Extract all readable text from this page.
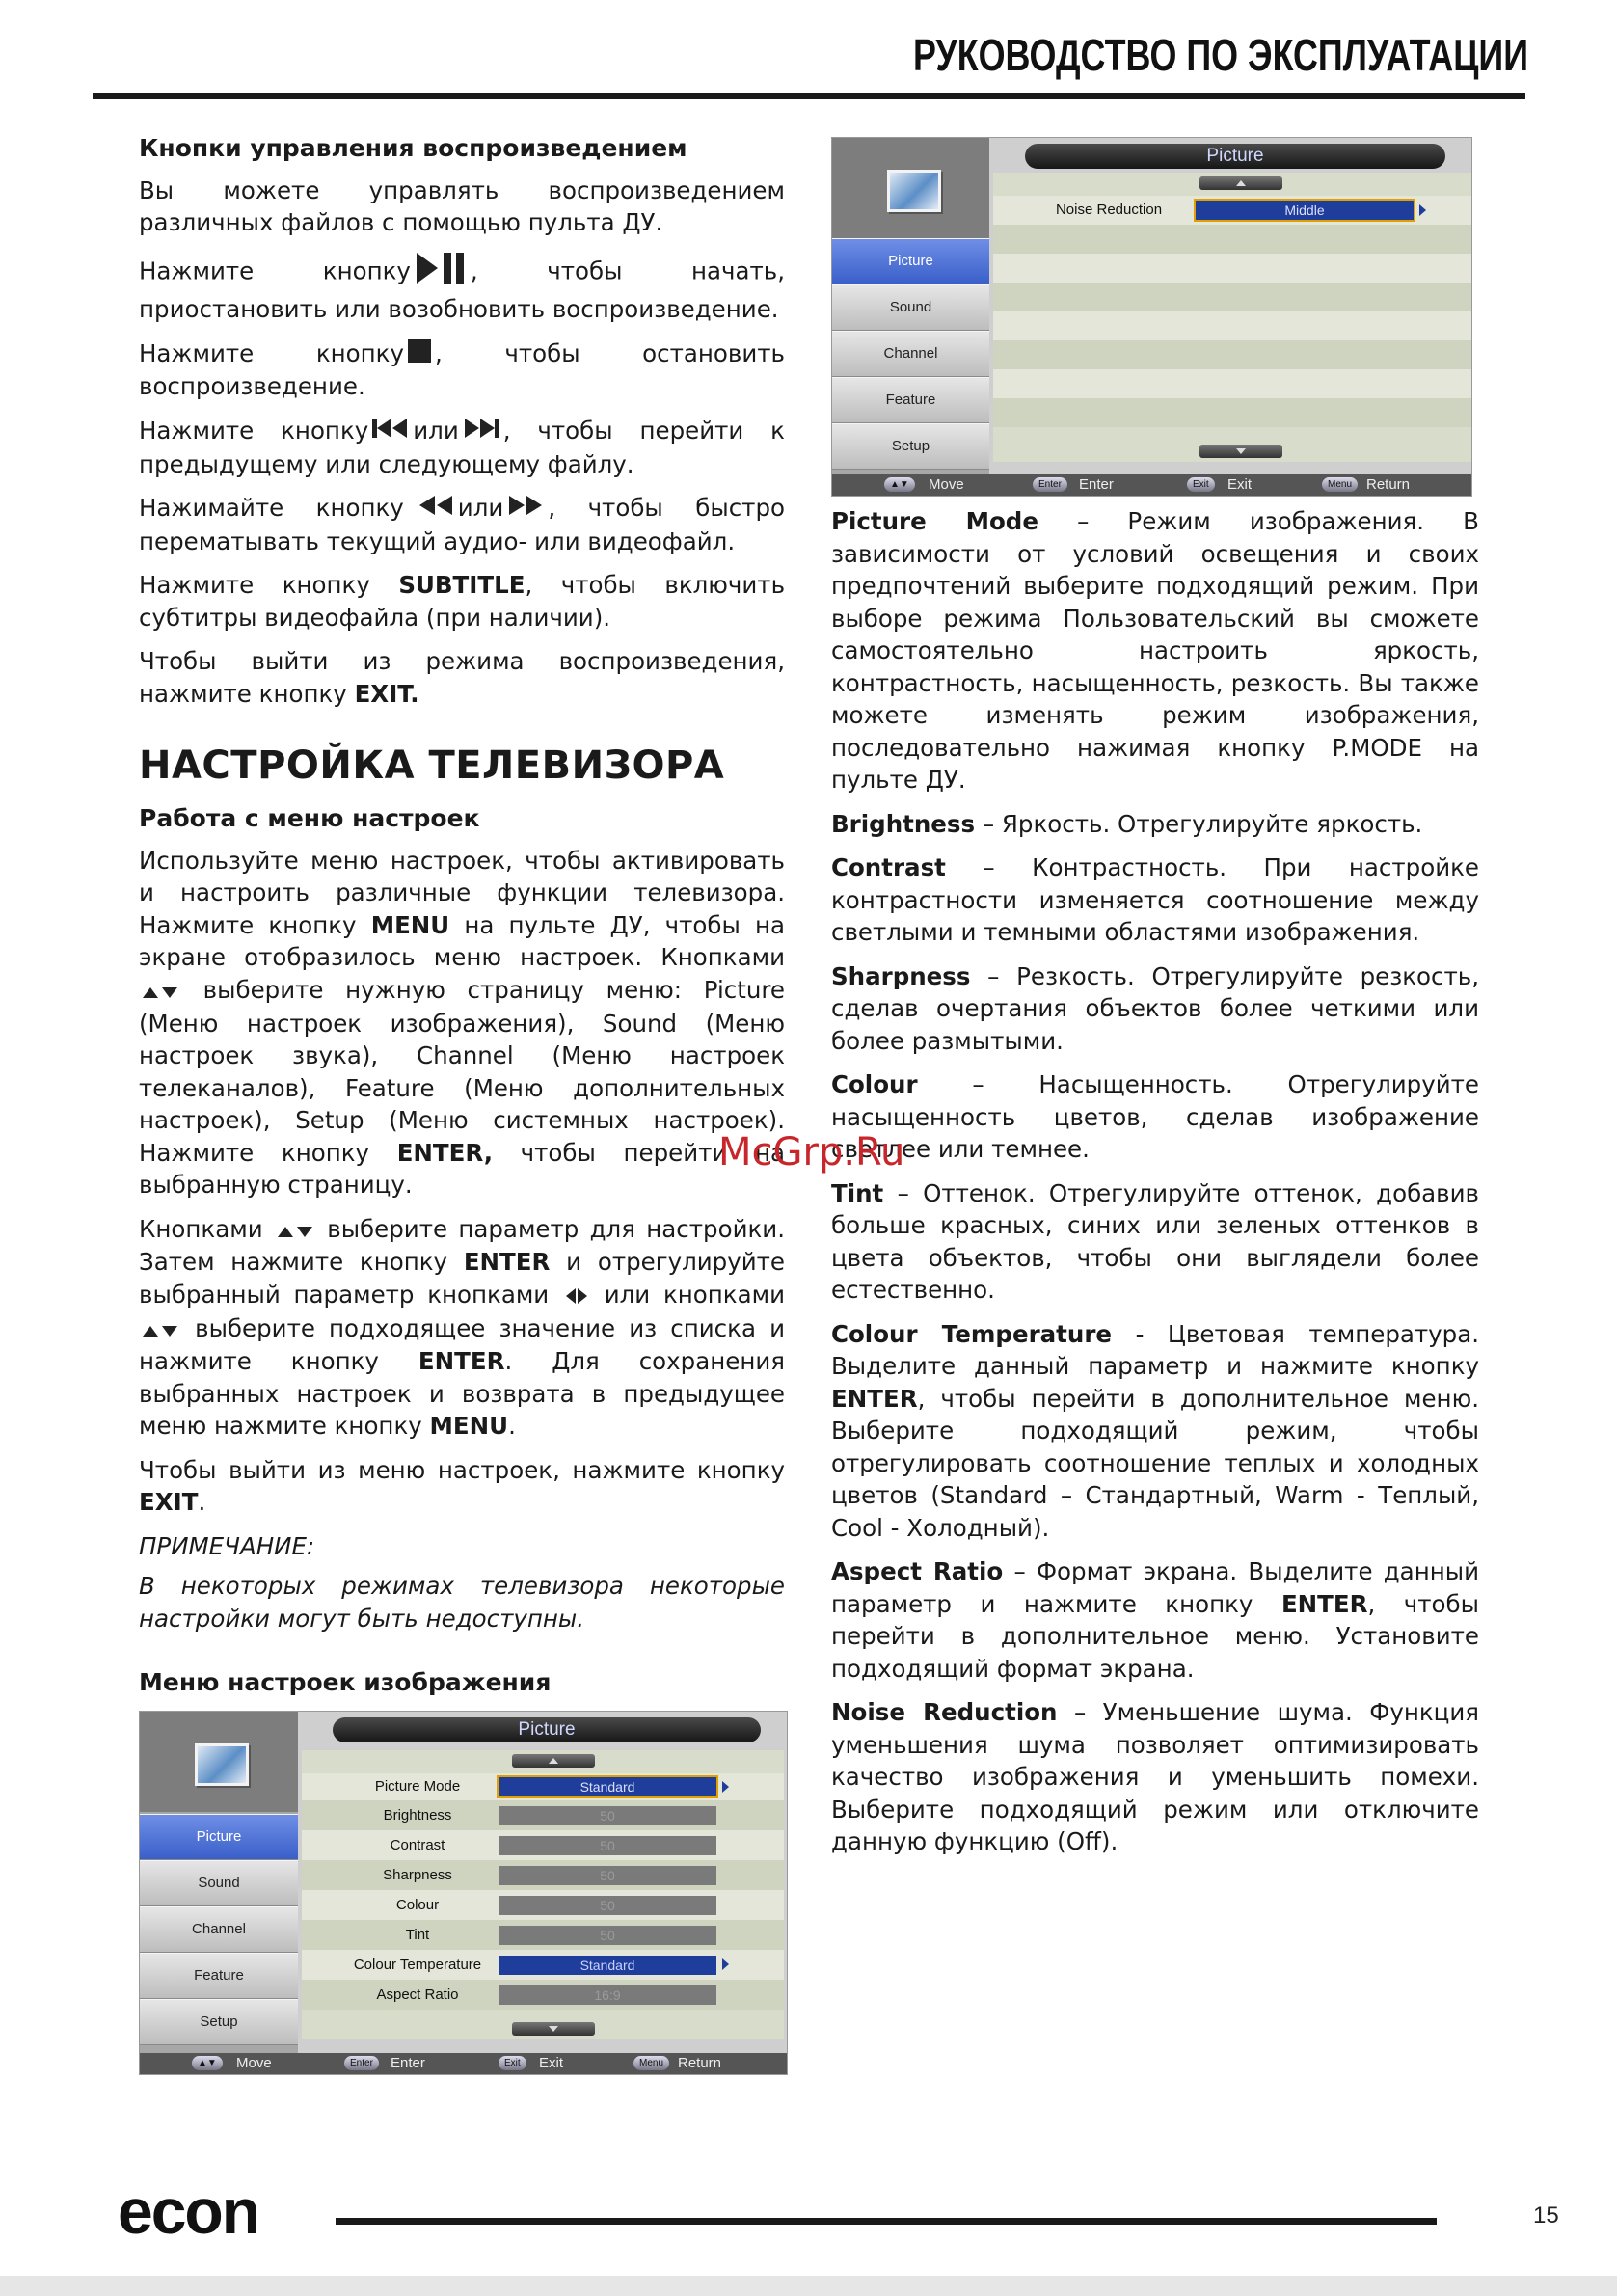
РУКОВОДСТВО ПО ЭКСПЛУАТАЦИИ
Кнопки управления воспроизведением

Вы можете управлять воспроизведением различных файлов с помощью пульта ДУ.

Нажмите кнопку	, чтобы начать, приостановить или возобновить воспроизведение.

Нажмите кнопку , чтобы остановить воспроизведение.

Нажмите кнопку или , чтобы перейти к предыдущему или следующему файлу.

Нажимайте кнопку или , чтобы быстро перематывать текущий аудио- или видеофайл.

Нажмите кнопку SUBTITLE, чтобы включить субтитры видеофайла (при наличии).

Чтобы выйти из режима воспроизведения, нажмите кнопку EXIT.

НАСТРОЙКА ТЕЛЕВИЗОРА
Работа с меню настроек

Используйте меню настроек, чтобы активировать и настроить различные функции телевизора. Нажмите кнопку MENU на пульте ДУ, чтобы на экране отобразилось меню настроек. Кнопками  выберите нужную страницу меню: Picture (Меню настроек изображения), Sound (Меню настроек звука), Channel (Меню настроек телеканалов), Feature (Меню дополнительных настроек), Setup (Меню системных настроек). Нажмите кнопку ENTER, чтобы перейти на выбранную страницу.

Кнопками	выберите параметр для настройки. Затем нажмите кнопку ENTER и отрегулируйте выбранный параметр кнопками или кнопками  выберите подходящее значение из списка и нажмите кнопку ENTER. Для сохранения выбранных настроек и возврата в предыдущее меню нажмите кнопку MENU.

Чтобы выйти из меню настроек, нажмите кнопку EXIT.

ПРИМЕЧАНИЕ:

В некоторых режимах телевизора некоторые настройки могут быть недоступны.

Меню настроек изображения
Picture
Sound
Channel
Feature
Setup
Picture
Picture Mode	Standard
Brightness	50
Contrast	50
Sharpness	50
Colour	50
Tint	50
Colour Temperature	Standard
Aspect Ratio	16:9
▲▼	Move	Enter	Enter	Exit	Exit	Menu Return
Picture
Sound
Channel
Feature
Setup
Picture
Noise Reduction	Middle
▲▼	Move	Enter	Enter	Exit	Exit	Menu Return

Picture Mode – Режим изображения. В зависимости от условий освещения и своих предпочтений выберите подходящий режим. При выборе режима Пользовательский вы сможете самостоятельно настроить яркость, контрастность, насыщенность, резкость. Вы также можете изменять режим изображения, последовательно нажимая кнопку P.MODE на пульте ДУ.

Brightness – Яркость. Отрегулируйте яркость.

Contrast – Контрастность. При настройке контрастности изменяется соотношение между светлыми и темными областями изображения.

Sharpness – Резкость. Отрегулируйте резкость, сделав очертания объектов более четкими или более размытыми.

Colour – Насыщенность. Отрегулируйте насыщенность цветов, сделав изображение светлее или темнее.

Tint – Оттенок. Отрегулируйте оттенок, добавив больше красных, синих или зеленых оттенков в цвета объектов, чтобы они выглядели более естественно.

Colour Temperature - Цветовая температура. Выделите данный параметр и нажмите кнопку ENTER, чтобы перейти в дополнительное меню. Выберите подходящий режим, чтобы отрегулировать соотношение теплых и холодных цветов (Standard – Стандартный, Warm - Теплый, Cool - Холодный).

Aspect Ratio – Формат экрана. Выделите данный параметр и нажмите кнопку ENTER, чтобы перейти в дополнительное меню. Установите подходящий формат экрана.

Noise Reduction – Уменьшение шума. Функция уменьшения шума позволяет оптимизировать качество изображения и уменьшить помехи. Выберите подходящий режим или отключите данную функцию (Off).

McGrp.Ru
econ	15
